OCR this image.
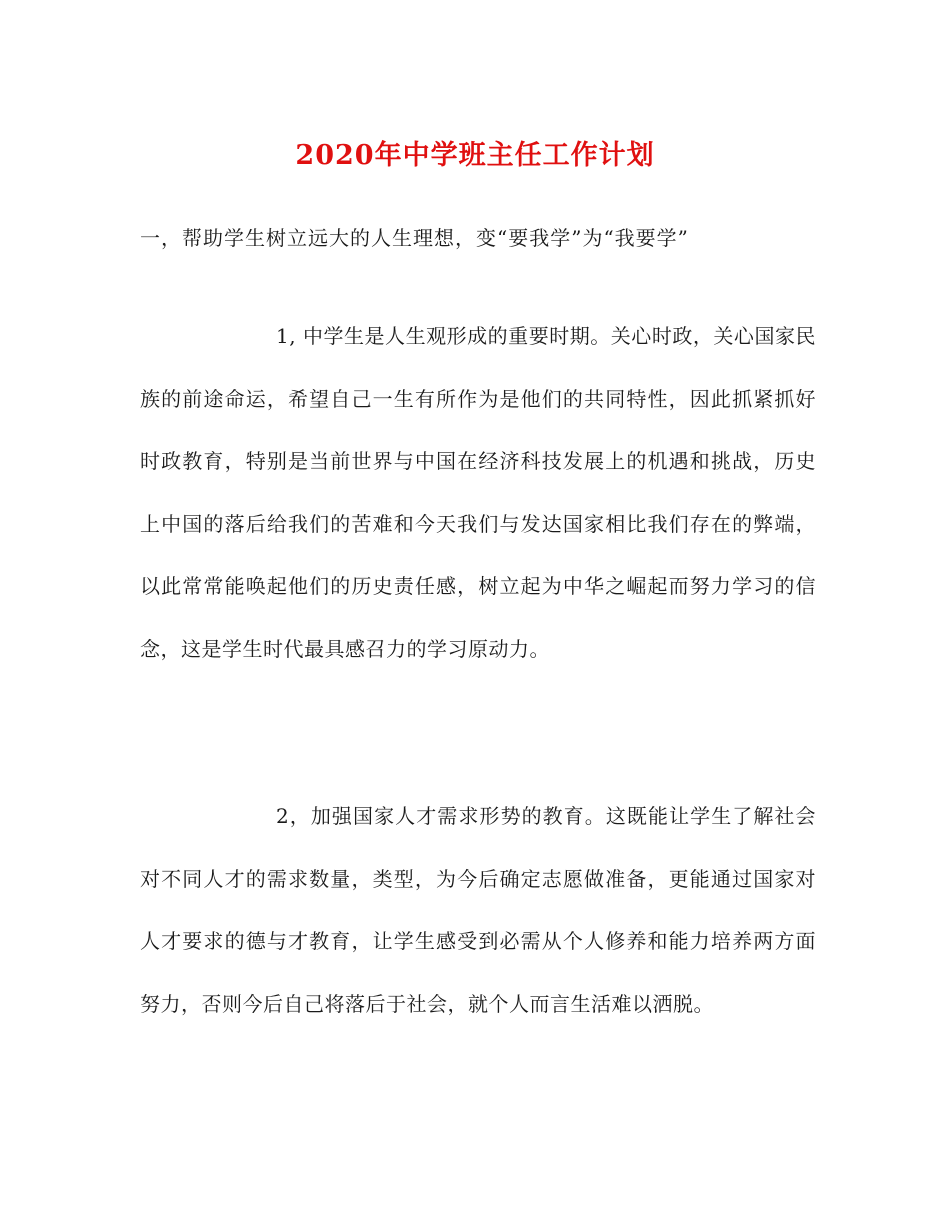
2020年中学班主任工作计划
一，帮助学生树立远大的人生理想，变“要我学”为“我要学”

1, 中学生是人生观形成的重要时期。关心时政，关心国家民族的前途命运，希望自己一生有所作为是他们的共同特性，因此抓紧抓好时政教育，特别是当前世界与中国在经济科技发展上的机遇和挑战，历史上中国的落后给我们的苦难和今天我们与发达国家相比我们存在的弊端，以此常常能唤起他们的历史责任感，树立起为中华之崛起而努力学习的信念，这是学生时代最具感召力的学习原动力。

2，加强国家人才需求形势的教育。这既能让学生了解社会对不同人才的需求数量，类型，为今后确定志愿做准备，更能通过国家对人才要求的德与才教育，让学生感受到必需从个人修养和能力培养两方面努力，否则今后自己将落后于社会，就个人而言生活难以洒脱。
